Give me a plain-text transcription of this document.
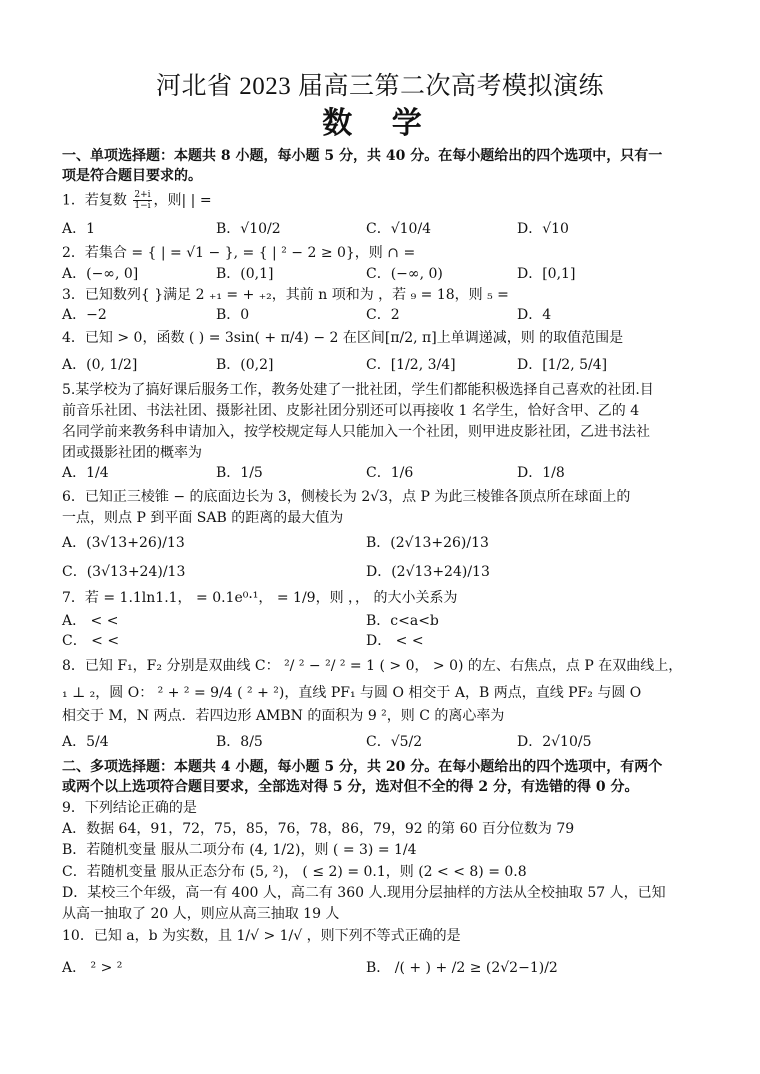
河北省 2023 届高三第二次高考模拟演练
数 学
一、单项选择题：本题共 8 小题，每小题 5 分，共 40 分。在每小题给出的四个选项中，只有一
项是符合题目要求的。
1．若复数 $\frac{2+i}{1-i}$ ，则| | =
A．1	B．√10/2	C．√10/4	D．√10
2．若集合 = { | = √1 − }, = { | ² − 2 ≥ 0}，则 ∩ =
A．(−∞, 0]	B．(0,1]	C．(−∞, 0)	D．[0,1]
3．已知数列{ }满足 2 ₊₁ = + ₊₂，其前 n 项和为 ，若 ₉ = 18，则 ₅ =
A．−2	B．0	C．2	D．4
4．已知 > 0，函数 ( ) = 3sin( + π/4) − 2 在区间[π/2, π]上单调递减，则 的取值范围是
A．(0, 1/2]	B．(0,2]	C．[1/2, 3/4]	D．[1/2, 5/4]
5.某学校为了搞好课后服务工作，教务处建了一批社团，学生们都能积极选择自己喜欢的社团.目
前音乐社团、书法社团、摄影社团、皮影社团分别还可以再接收 1 名学生，恰好含甲、乙的 4
名同学前来教务科申请加入，按学校规定每人只能加入一个社团，则甲进皮影社团，乙进书法社
团或摄影社团的概率为
A．1/4	B．1/5	C．1/6	D．1/8
6．已知正三棱锥 − 的底面边长为 3，侧棱长为 2√3，点 P 为此三棱锥各顶点所在球面上的
一点，则点 P 到平面 SAB 的距离的最大值为
A．(3√13+26)/13	B．(2√13+26)/13
C．(3√13+24)/13	D．(2√13+24)/13
7．若 = 1.1ln1.1， = 0.1e⁰·¹， = 1/9，则 ，， 的大小关系为
A． < <	B．c<a<b
C． < <	D． < <
8．已知 F₁，F₂ 分别是双曲线 C： ²/ ² − ²/ ² = 1 ( > 0， > 0) 的左、右焦点，点 P 在双曲线上，
₁ ⊥ ₂，圆 O： ² + ² = 9/4 ( ² + ²)，直线 PF₁ 与圆 O 相交于 A，B 两点，直线 PF₂ 与圆 O
相交于 M，N 两点．若四边形 AMBN 的面积为 9 ²，则 C 的离心率为
A．5/4	B．8/5	C．√5/2	D．2√10/5
二、多项选择题：本题共 4 小题，每小题 5 分，共 20 分。在每小题给出的四个选项中，有两个
或两个以上选项符合题目要求，全部选对得 5 分，选对但不全的得 2 分，有选错的得 0 分。
9．下列结论正确的是
A．数据 64，91，72，75，85，76，78，86，79，92 的第 60 百分位数为 79
B．若随机变量 服从二项分布 (4, 1/2)，则 ( = 3) = 1/4
C．若随机变量 服从正态分布 (5, ²)， ( ≤ 2) = 0.1，则 (2 < < 8) = 0.8
D．某校三个年级，高一有 400 人，高二有 360 人.现用分层抽样的方法从全校抽取 57 人，已知
从高一抽取了 20 人，则应从高三抽取 19 人
10．已知 a，b 为实数，且 1/√ > 1/√ ，则下列不等式正确的是
A． ² > ²	B． /( + ) + /2 ≥ (2√2−1)/2
